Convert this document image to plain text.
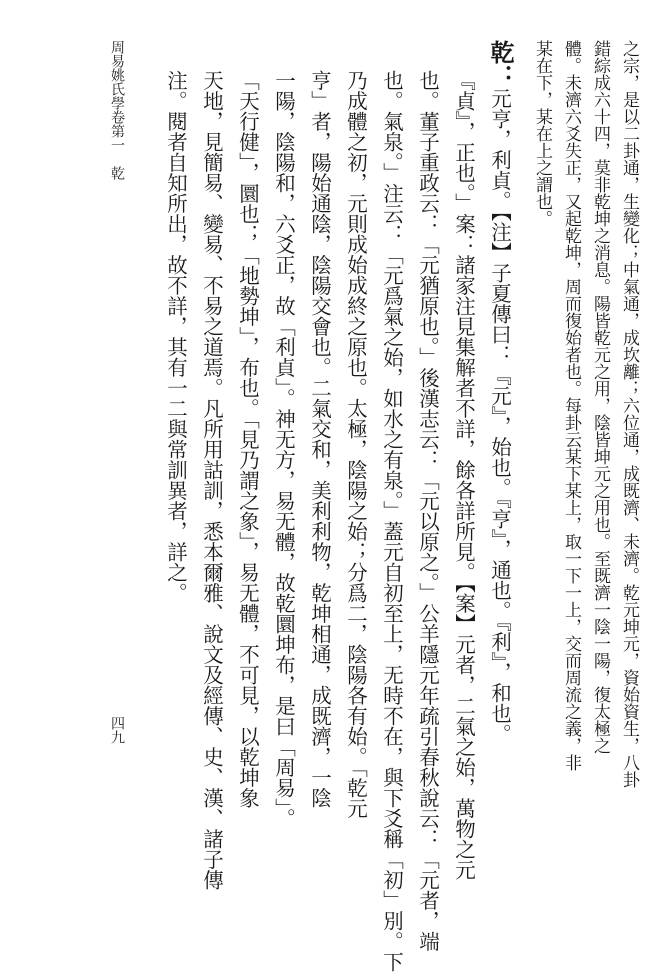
之宗，是以二卦通，生變化；中氣通，成坎離；六位通，成既濟、未濟。乾元坤元，資始資生，八卦
錯綜成六十四，莫非乾坤之消息。陽皆乾元之用，陰皆坤元之用也。至既濟一陰一陽，復太極之
體。未濟六爻失正，又起乾坤，周而復始者也。每卦云某下某上，取一下一上，交而周流之義，非
某在下，某在上之謂也。
乾：
元亨，利貞。【注】子夏傳曰：『元』，始也。『亨』，通也。『利』，和也。
『貞』，正也。」案：諸家注見集解者不詳，餘各詳所見。【案】元者，二氣之始，萬物之元
也。董子重政云：「元猶原也。」後漢志云：「元以原之。」公羊隱元年疏引春秋說云：「元者，端
也。氣泉。」注云：「元爲氣之始，如水之有泉。」蓋元自初至上，无時不在，與下爻稱「初」別。下
乃成體之初，元則成始成終之原也。太極，陰陽之始；分爲二，陰陽各有始。「乾元
亨」者，陽始通陰，陰陽交會也。二氣交和，美利利物，乾坤相通，成既濟，一陰
一陽，陰陽和，六爻正，故「利貞」。神无方，易无體，故乾圜坤布，是曰「周易」。
「天行健」，圜也；「地勢坤」，布也。「見乃謂之象」，易无體，不可見，以乾坤象
天地，見簡易、變易、不易之道焉。凡所用詁訓，悉本爾雅、說文及經傳、史、漢、諸子傳
注。閱者自知所出，故不詳，其有一二與常訓異者，詳之。
周易姚氏學卷第一　乾
四九
